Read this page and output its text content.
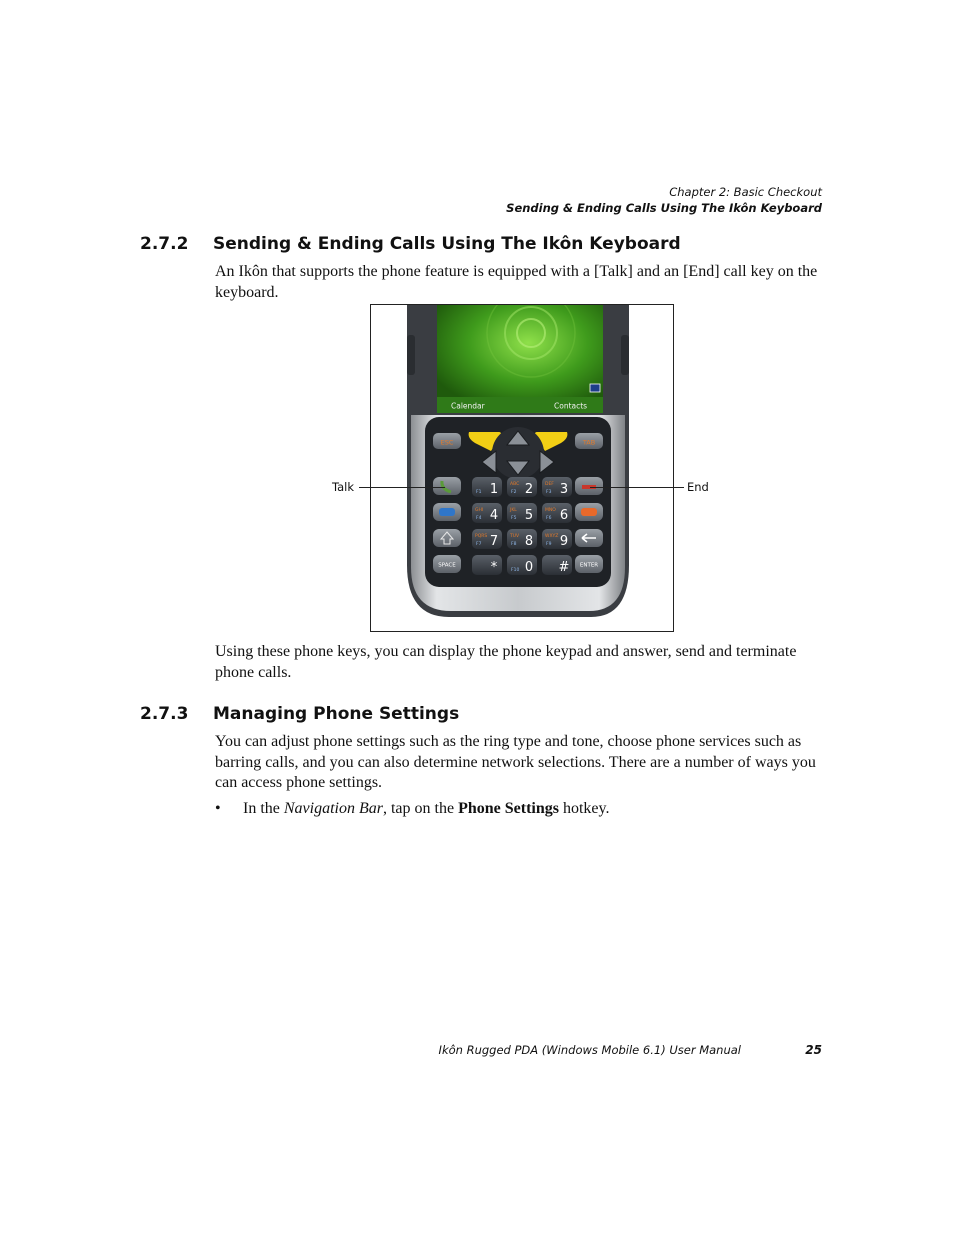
Chapter 2: Basic Checkout
Sending & Ending Calls Using The Ikôn Keyboard
2.7.2 Sending & Ending Calls Using The Ikôn Keyboard
An Ikôn that supports the phone feature is equipped with a [Talk] and an [End] call key on the keyboard.
Calendar	Contacts
ESC	TAB
SPACE	ENTER
1
F1	2
ABC
F2	3
DEF
F3
4
GHI
F4	5
JKL
F5	6
MNO
F6
7
PQRS
F7	8
TUV
F8	9
WXYZ
F9
* 0
F10	#
Talk	End
Using these phone keys, you can display the phone keypad and answer, send and terminate phone calls.
2.7.3 Managing Phone Settings
You can adjust phone settings such as the ring type and tone, choose phone services such as barring calls, and you can also determine network selections. There are a number of ways you can access phone settings.
• In the Navigation Bar, tap on the Phone Settings hotkey.
Ikôn Rugged PDA (Windows Mobile 6.1) User Manual	25
